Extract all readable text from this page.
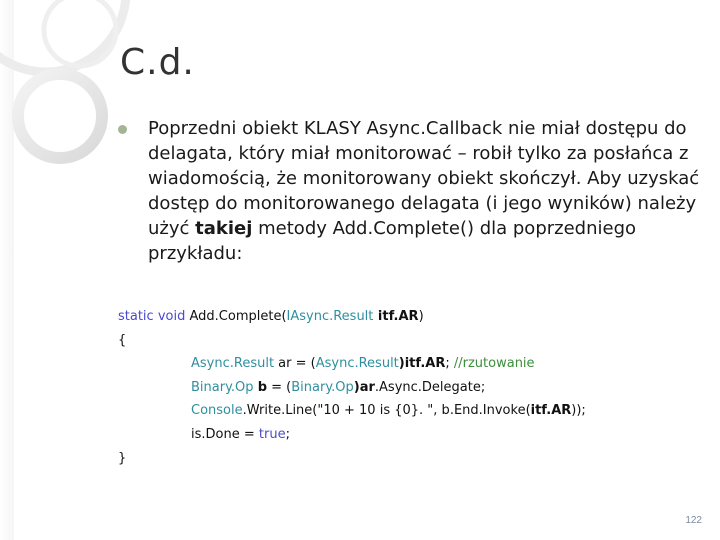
C.d.
Poprzedni obiekt KLASY Async.Callback nie miał dostępu do delagata, który miał monitorować – robił tylko za posłańca z wiadomością, że monitorowany obiekt skończył. Aby uzyskać dostęp do monitorowanego delagata (i jego wyników) należy użyć takiej metody Add.Complete() dla poprzedniego przykładu:
static void Add.Complete(IAsync.Result itf.AR)
{
Async.Result ar = (Async.Result)itf.AR; //rzutowanie
Binary.Op b = (Binary.Op)ar.Async.Delegate;
Console.Write.Line("10 + 10 is {0}. ", b.End.Invoke(itf.AR));
is.Done = true;
}
122
